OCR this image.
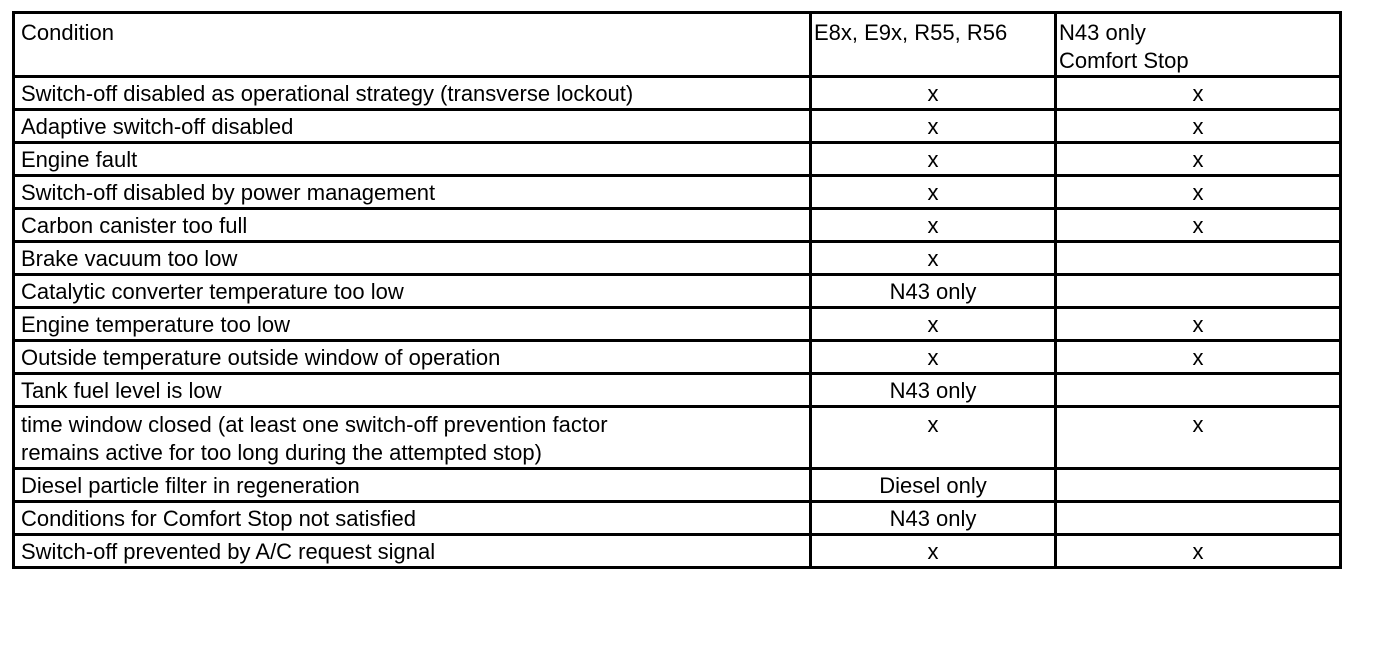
Condition	E8x, E9x, R55, R56	N43 only
Comfort Stop

Switch-off disabled as operational strategy (transverse lockout)	x	x
Adaptive switch-off disabled	x	x
Engine fault	x	x
Switch-off disabled by power management	x	x
Carbon canister too full	x	x
Brake vacuum too low	x	
Catalytic converter temperature too low	N43 only	
Engine temperature too low	x	x
Outside temperature outside window of operation	x	x
Tank fuel level is low	N43 only	

time window closed (at least one switch-off prevention factor
remains active for too long during the attempted stop)	x	x
Diesel particle filter in regeneration	Diesel only	
Conditions for Comfort Stop not satisfied	N43 only	
Switch-off prevented by A/C request signal	x	x
